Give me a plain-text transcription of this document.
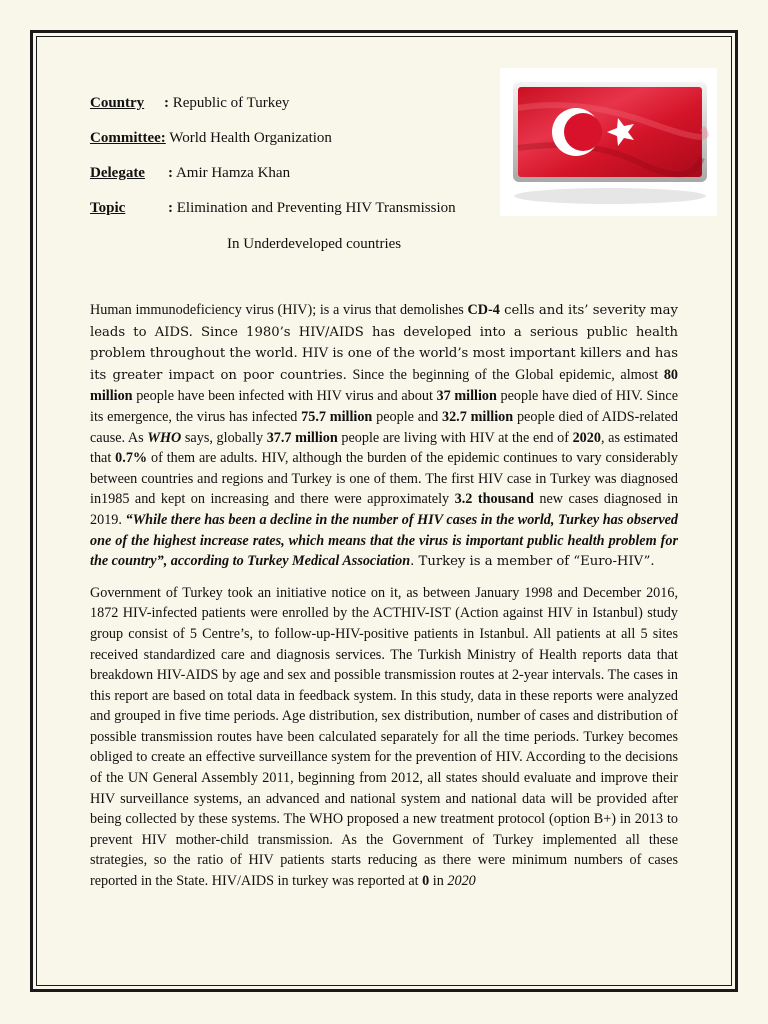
Country : Republic of Turkey
Committee: World Health Organization
Delegate : Amir Hamza Khan
Topic	: Elimination and Preventing HIV Transmission
In Underdeveloped countries

Human immunodeficiency virus (HIV); is a virus that demolishes CD-4 cells and its’ severity may leads to AIDS. Since 1980’s HIV/AIDS has developed into a serious public health problem throughout the world. HIV is one of the world’s most important killers and has its greater impact on poor countries. Since the beginning of the Global epidemic, almost 80 million people have been infected with HIV virus and about 37 million people have died of HIV. Since its emergence, the virus has infected 75.7 million people and 32.7 million people died of AIDS-related cause. As WHO says, globally 37.7 million people are living with HIV at the end of 2020, as estimated that 0.7% of them are adults. HIV, although the burden of the epidemic continues to vary considerably between countries and regions and Turkey is one of them. The first HIV case in Turkey was diagnosed in1985 and kept on increasing and there were approximately 3.2 thousand new cases diagnosed in 2019. “While there has been a decline in the number of HIV cases in the world, Turkey has observed one of the highest increase rates, which means that the virus is important public health problem for the country”, according to Turkey Medical Association. Turkey is a member of “Euro-HIV”.

Government of Turkey took an initiative notice on it, as between January 1998 and December 2016, 1872 HIV-infected patients were enrolled by the ACTHIV-IST (Action against HIV in Istanbul) study group consist of 5 Centre’s, to follow-up-HIV-positive patients in Istanbul. All patients at all 5 sites received standardized care and diagnosis services. The Turkish Ministry of Health reports data that breakdown HIV-AIDS by age and sex and possible transmission routes at 2-year intervals. The cases in this report are based on total data in feedback system. In this study, data in these reports were analyzed and grouped in five time periods. Age distribution, sex distribution, number of cases and distribution of possible transmission routes have been calculated separately for all the time periods. Turkey becomes obliged to create an effective surveillance system for the prevention of HIV. According to the decisions of the UN General Assembly 2011, beginning from 2012, all states should evaluate and improve their HIV surveillance systems, an advanced and national system and national data will be provided after being collected by these systems. The WHO proposed a new treatment protocol (option B+) in 2013 to prevent HIV mother-child transmission. As the Government of Turkey implemented all these strategies, so the ratio of HIV patients starts reducing as there were minimum numbers of cases reported in the State. HIV/AIDS in turkey was reported at 0 in 2020
